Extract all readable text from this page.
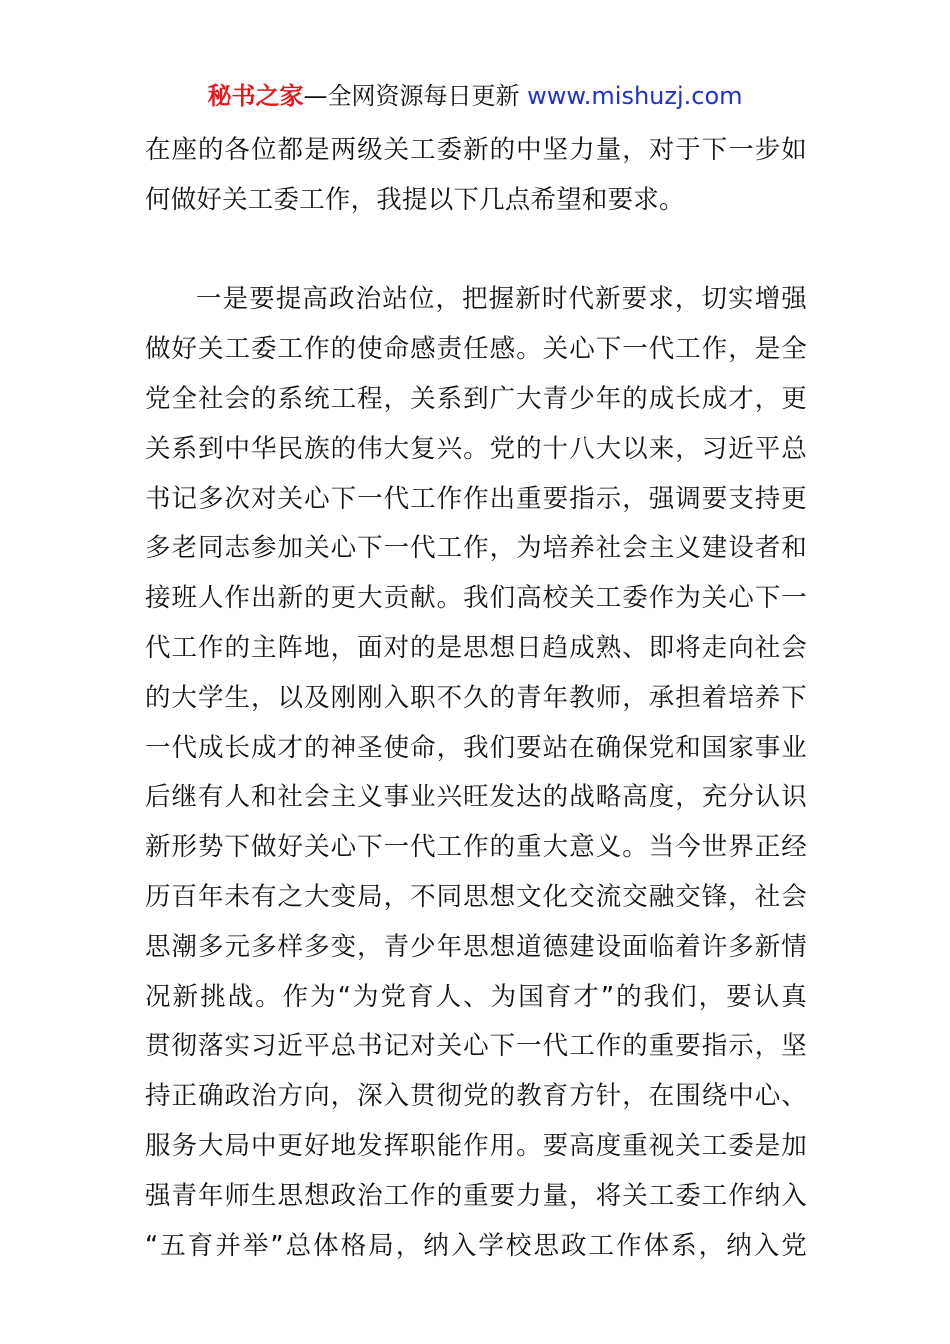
秘书之家—全网资源每日更新 www.mishuzj.com
在座的各位都是两级关工委新的中坚力量，对于下一步如
何做好关工委工作，我提以下几点希望和要求。
一是要提高政治站位，把握新时代新要求，切实增强
做好关工委工作的使命感责任感。关心下一代工作，是全
党全社会的系统工程，关系到广大青少年的成长成才，更
关系到中华民族的伟大复兴。党的十八大以来，习近平总
书记多次对关心下一代工作作出重要指示，强调要支持更
多老同志参加关心下一代工作，为培养社会主义建设者和
接班人作出新的更大贡献。我们高校关工委作为关心下一
代工作的主阵地，面对的是思想日趋成熟、即将走向社会
的大学生，以及刚刚入职不久的青年教师，承担着培养下
一代成长成才的神圣使命，我们要站在确保党和国家事业
后继有人和社会主义事业兴旺发达的战略高度，充分认识
新形势下做好关心下一代工作的重大意义。当今世界正经
历百年未有之大变局，不同思想文化交流交融交锋，社会
思潮多元多样多变，青少年思想道德建设面临着许多新情
况新挑战。作为“为党育人、为国育才”的我们，要认真
贯彻落实习近平总书记对关心下一代工作的重要指示，坚
持正确政治方向，深入贯彻党的教育方针，在围绕中心、
服务大局中更好地发挥职能作用。要高度重视关工委是加
强青年师生思想政治工作的重要力量，将关工委工作纳入
“五育并举”总体格局，纳入学校思政工作体系，纳入党
